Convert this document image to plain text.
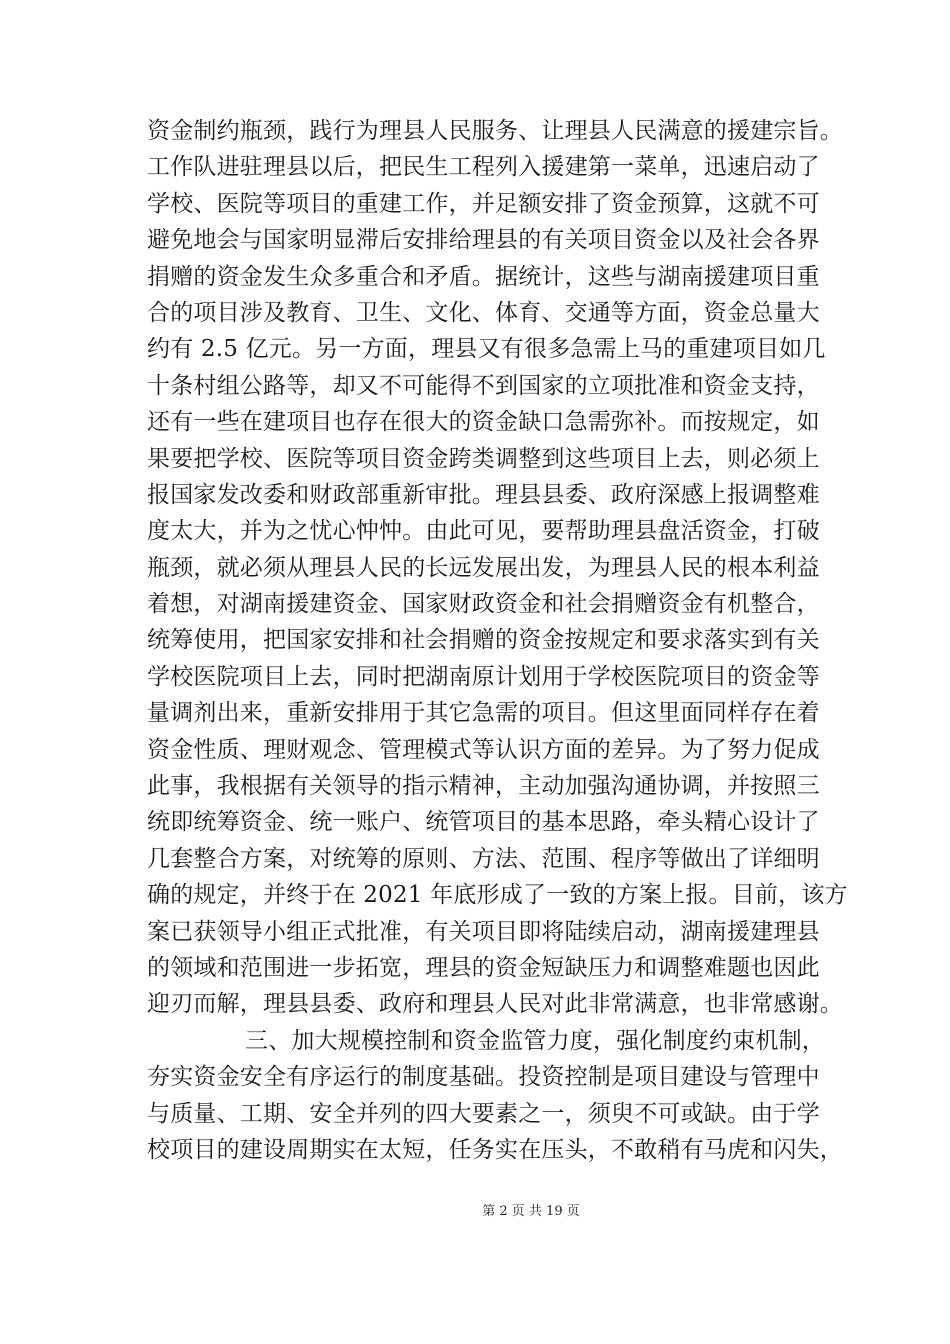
资金制约瓶颈，践行为理县人民服务、让理县人民满意的援建宗旨。
工作队进驻理县以后，把民生工程列入援建第一菜单，迅速启动了
学校、医院等项目的重建工作，并足额安排了资金预算，这就不可
避免地会与国家明显滞后安排给理县的有关项目资金以及社会各界
捐赠的资金发生众多重合和矛盾。据统计，这些与湖南援建项目重
合的项目涉及教育、卫生、文化、体育、交通等方面，资金总量大
约有 2.5 亿元。另一方面，理县又有很多急需上马的重建项目如几
十条村组公路等，却又不可能得不到国家的立项批准和资金支持，
还有一些在建项目也存在很大的资金缺口急需弥补。而按规定，如
果要把学校、医院等项目资金跨类调整到这些项目上去，则必须上
报国家发改委和财政部重新审批。理县县委、政府深感上报调整难
度太大，并为之忧心忡忡。由此可见，要帮助理县盘活资金，打破
瓶颈，就必须从理县人民的长远发展出发，为理县人民的根本利益
着想，对湖南援建资金、国家财政资金和社会捐赠资金有机整合，
统筹使用，把国家安排和社会捐赠的资金按规定和要求落实到有关
学校医院项目上去，同时把湖南原计划用于学校医院项目的资金等
量调剂出来，重新安排用于其它急需的项目。但这里面同样存在着
资金性质、理财观念、管理模式等认识方面的差异。为了努力促成
此事，我根据有关领导的指示精神，主动加强沟通协调，并按照三
统即统筹资金、统一账户、统管项目的基本思路，牵头精心设计了
几套整合方案，对统筹的原则、方法、范围、程序等做出了详细明
确的规定，并终于在 2021 年底形成了一致的方案上报。目前，该方
案已获领导小组正式批准，有关项目即将陆续启动，湖南援建理县
的领域和范围进一步拓宽，理县的资金短缺压力和调整难题也因此
迎刃而解，理县县委、政府和理县人民对此非常满意，也非常感谢。
三、加大规模控制和资金监管力度，强化制度约束机制，
夯实资金安全有序运行的制度基础。投资控制是项目建设与管理中
与质量、工期、安全并列的四大要素之一，须臾不可或缺。由于学
校项目的建设周期实在太短，任务实在压头，不敢稍有马虎和闪失，
第 2 页 共 19 页
